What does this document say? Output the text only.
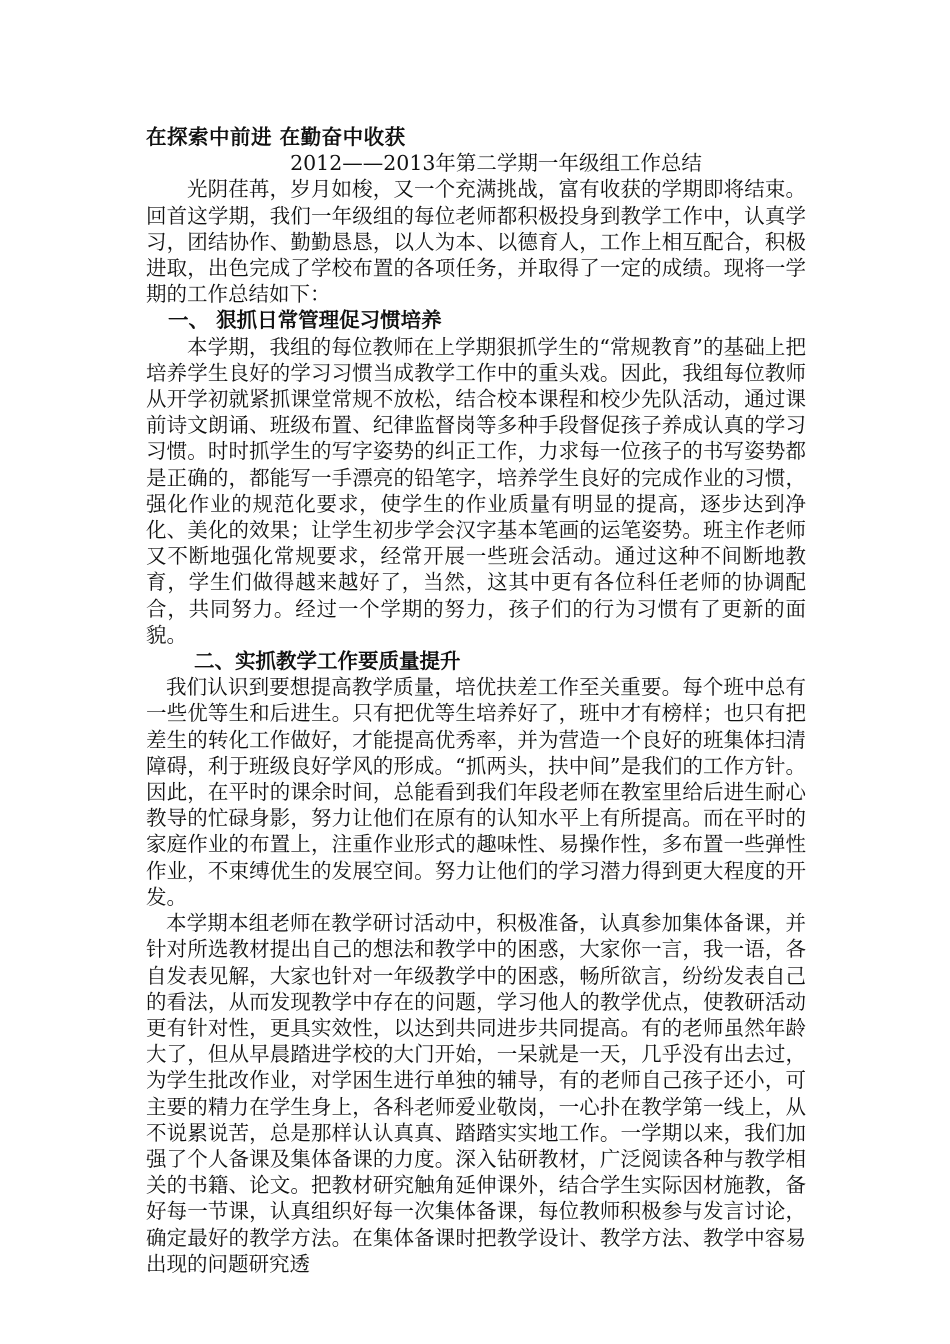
在探索中前进 在勤奋中收获
2012——2013年第二学期一年级组工作总结

光阴荏苒，岁月如梭，又一个充满挑战，富有收获的学期即将结束。回首这学期，我们一年级组的每位老师都积极投身到教学工作中，认真学习，团结协作、勤勤恳恳，以人为本、以德育人，工作上相互配合，积极进取，出色完成了学校布置的各项任务，并取得了一定的成绩。现将一学期的工作总结如下：

一、 狠抓日常管理促习惯培养

本学期，我组的每位教师在上学期狠抓学生的“常规教育”的基础上把培养学生良好的学习习惯当成教学工作中的重头戏。因此，我组每位教师从开学初就紧抓课堂常规不放松，结合校本课程和校少先队活动，通过课前诗文朗诵、班级布置、纪律监督岗等多种手段督促孩子养成认真的学习习惯。时时抓学生的写字姿势的纠正工作，力求每一位孩子的书写姿势都是正确的，都能写一手漂亮的铅笔字，培养学生良好的完成作业的习惯， 强化作业的规范化要求，使学生的作业质量有明显的提高，逐步达到净化、美化的效果；让学生初步学会汉字基本笔画的运笔姿势。班主作老师又不断地强化常规要求，经常开展一些班会活动。通过这种不间断地教育，学生们做得越来越好了，当然，这其中更有各位科任老师的协调配合，共同努力。经过一个学期的努力，孩子们的行为习惯有了更新的面貌。

二、实抓教学工作要质量提升

我们认识到要想提高教学质量，培优扶差工作至关重要。每个班中总有一些优等生和后进生。只有把优等生培养好了，班中才有榜样；也只有把差生的转化工作做好，才能提高优秀率，并为营造一个良好的班集体扫清障碍，利于班级良好学风的形成。“抓两头，扶中间”是我们的工作方针。因此，在平时的课余时间，总能看到我们年段老师在教室里给后进生耐心教导的忙碌身影，努力让他们在原有的认知水平上有所提高。而在平时的家庭作业的布置上，注重作业形式的趣味性、易操作性，多布置一些弹性作业，不束缚优生的发展空间。努力让他们的学习潜力得到更大程度的开发。

本学期本组老师在教学研讨活动中，积极准备，认真参加集体备课，并针对所选教材提出自己的想法和教学中的困惑，大家你一言，我一语，各自发表见解，大家也针对一年级教学中的困惑，畅所欲言，纷纷发表自己的看法，从而发现教学中存在的问题，学习他人的教学优点，使教研活动更有针对性，更具实效性，以达到共同进步共同提高。有的老师虽然年龄大了，但从早晨踏进学校的大门开始，一呆就是一天，几乎没有出去过，为学生批改作业，对学困生进行单独的辅导，有的老师自己孩子还小，可主要的精力在学生身上，各科老师爱业敬岗，一心扑在教学第一线上，从不说累说苦，总是那样认认真真、踏踏实实地工作。一学期以来，我们加强了个人备课及集体备课的力度。深入钻研教材，广泛阅读各种与教学相关的书籍、论文。把教材研究触角延伸课外，结合学生实际因材施教，备好每一节课，认真组织好每一次集体备课，每位教师积极参与发言讨论，确定最好的教学方法。在集体备课时把教学设计、教学方法、教学中容易出现的问题研究透
